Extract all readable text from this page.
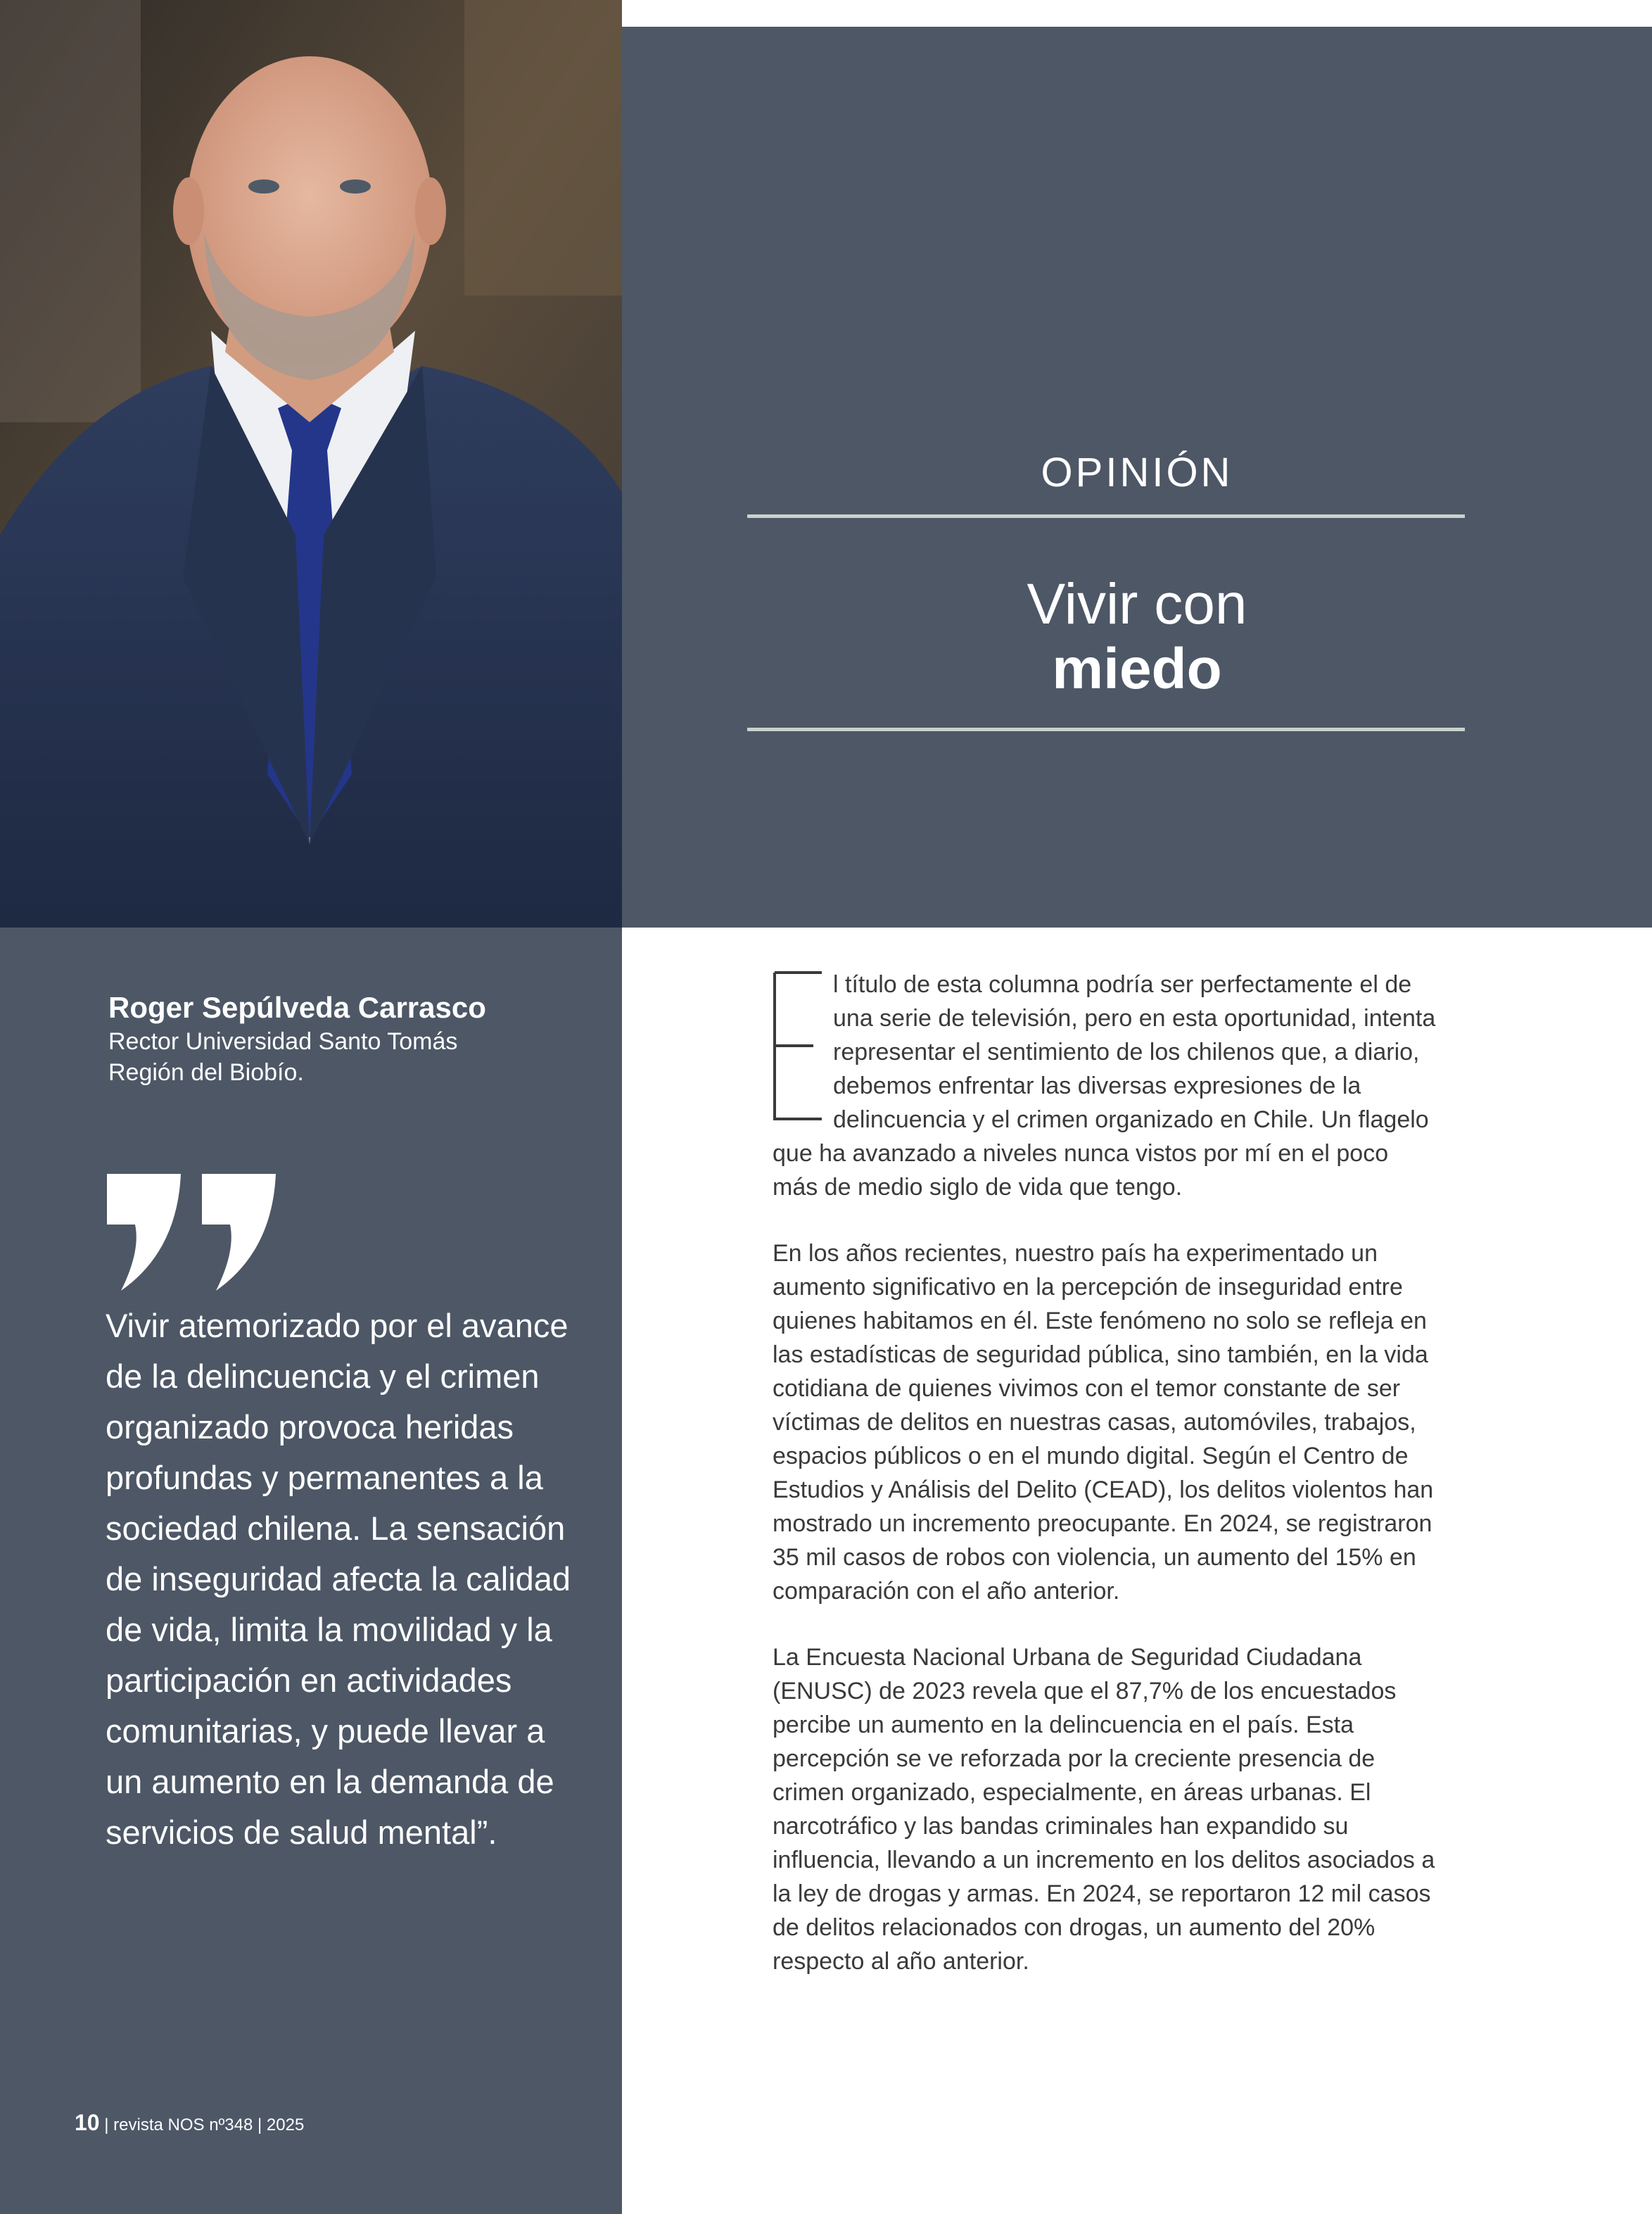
OPINIÓN
Vivir con
miedo
Roger Sepúlveda Carrasco
Rector Universidad Santo Tomás
Región del Biobío.
Vivir atemorizado por el avance de la delincuencia y el crimen organizado provoca heridas profundas y permanentes a la sociedad chilena. La sensación de inseguridad afecta la calidad de vida, limita la movilidad y la participación en actividades comunitarias, y puede llevar a un aumento en la demanda de servicios de salud mental”.
10 | revista NOS nº348 | 2025

l título de esta columna podría ser perfectamente el de una serie de televisión, pero en esta oportunidad, intenta representar el sentimiento de los chilenos que, a diario, debemos enfrentar las diversas expresiones de la delincuencia y el crimen organizado en Chile. Un flagelo que ha avanzado a niveles nunca vistos por mí en el poco más de medio siglo de vida que tengo.

En los años recientes, nuestro país ha experimentado un aumento significativo en la percepción de inseguridad entre quienes habitamos en él. Este fenómeno no solo se refleja en las estadísticas de seguridad pública, sino también, en la vida cotidiana de quienes vivimos con el temor constante de ser víctimas de delitos en nuestras casas, automóviles, trabajos, espacios públicos o en el mundo digital. Según el Centro de Estudios y Análisis del Delito (CEAD), los delitos violentos han mostrado un incremento preocupante. En 2024, se registraron 35 mil casos de robos con violencia, un aumento del 15% en comparación con el año anterior.

La Encuesta Nacional Urbana de Seguridad Ciudadana (ENUSC) de 2023 revela que el 87,7% de los encuestados percibe un aumento en la delincuencia en el país. Esta percepción se ve reforzada por la creciente presencia de crimen organizado, especialmente, en áreas urbanas. El narcotráfico y las bandas criminales han expandido su influencia, llevando a un incremento en los delitos asociados a la ley de drogas y armas. En 2024, se reportaron 12 mil casos de delitos relacionados con drogas, un aumento del 20% respecto al año anterior.
